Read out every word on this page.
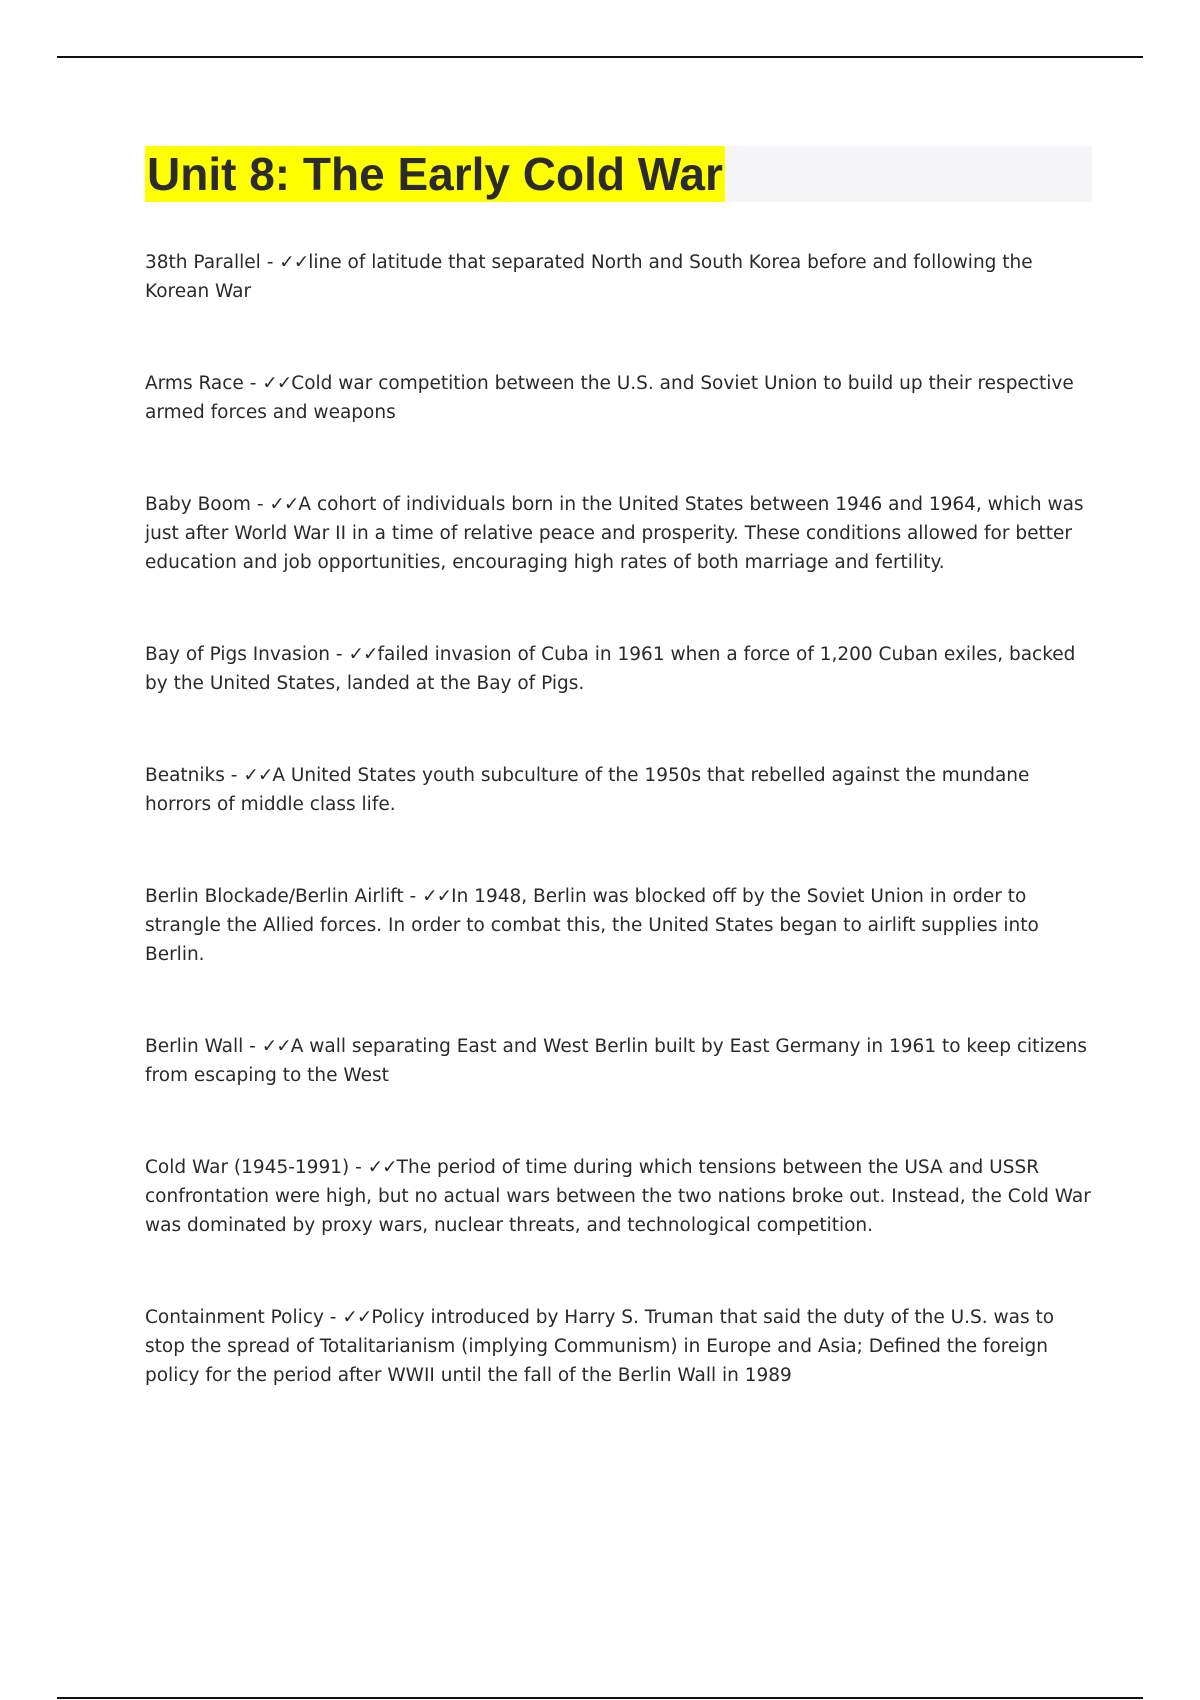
Unit 8: The Early Cold War

38th Parallel - ✓✓line of latitude that separated North and South Korea before and following the Korean War

Arms Race - ✓✓Cold war competition between the U.S. and Soviet Union to build up their respective armed forces and weapons

Baby Boom - ✓✓A cohort of individuals born in the United States between 1946 and 1964, which was just after World War II in a time of relative peace and prosperity. These conditions allowed for better education and job opportunities, encouraging high rates of both marriage and fertility.

Bay of Pigs Invasion - ✓✓failed invasion of Cuba in 1961 when a force of 1,200 Cuban exiles, backed by the United States, landed at the Bay of Pigs.

Beatniks - ✓✓A United States youth subculture of the 1950s that rebelled against the mundane horrors of middle class life.

Berlin Blockade/Berlin Airlift - ✓✓In 1948, Berlin was blocked off by the Soviet Union in order to strangle the Allied forces. In order to combat this, the United States began to airlift supplies into Berlin.

Berlin Wall - ✓✓A wall separating East and West Berlin built by East Germany in 1961 to keep citizens from escaping to the West

Cold War (1945-1991) - ✓✓The period of time during which tensions between the USA and USSR confrontation were high, but no actual wars between the two nations broke out. Instead, the Cold War was dominated by proxy wars, nuclear threats, and technological competition.

Containment Policy - ✓✓Policy introduced by Harry S. Truman that said the duty of the U.S. was to stop the spread of Totalitarianism (implying Communism) in Europe and Asia; Defined the foreign policy for the period after WWII until the fall of the Berlin Wall in 1989
